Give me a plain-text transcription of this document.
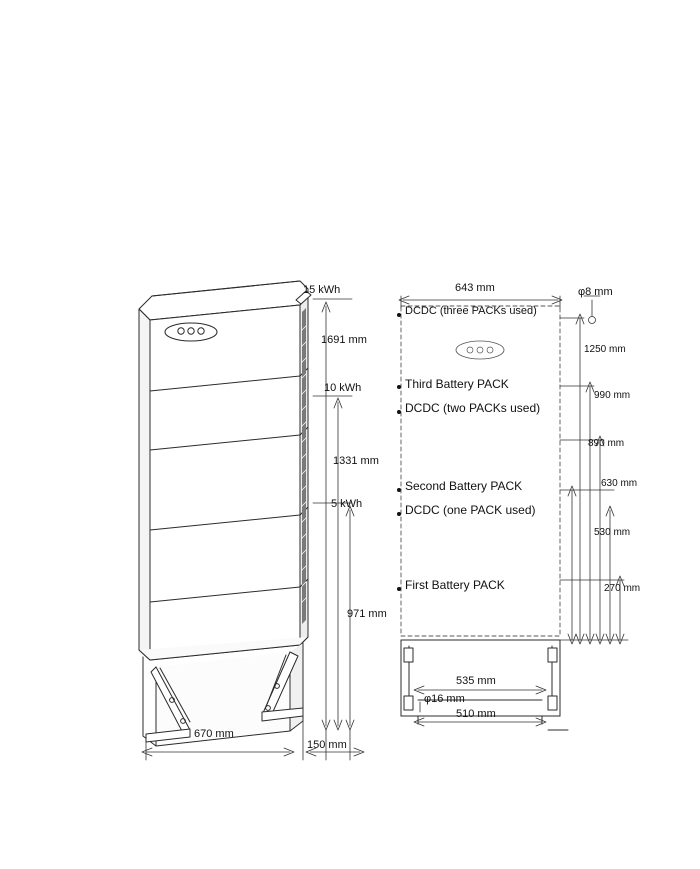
15 kWh
1691 mm
10 kWh
1331 mm
5 kWh
971 mm
670 mm
150 mm
643 mm	φ8 mm
DCDC (three PACKs used)
Third Battery PACK
DCDC (two PACKs used)
Second Battery PACK
DCDC (one PACK used)
First Battery PACK
1250 mm
990 mm
890 mm
630 mm
530 mm
270 mm
535 mm
φ16 mm
510 mm
